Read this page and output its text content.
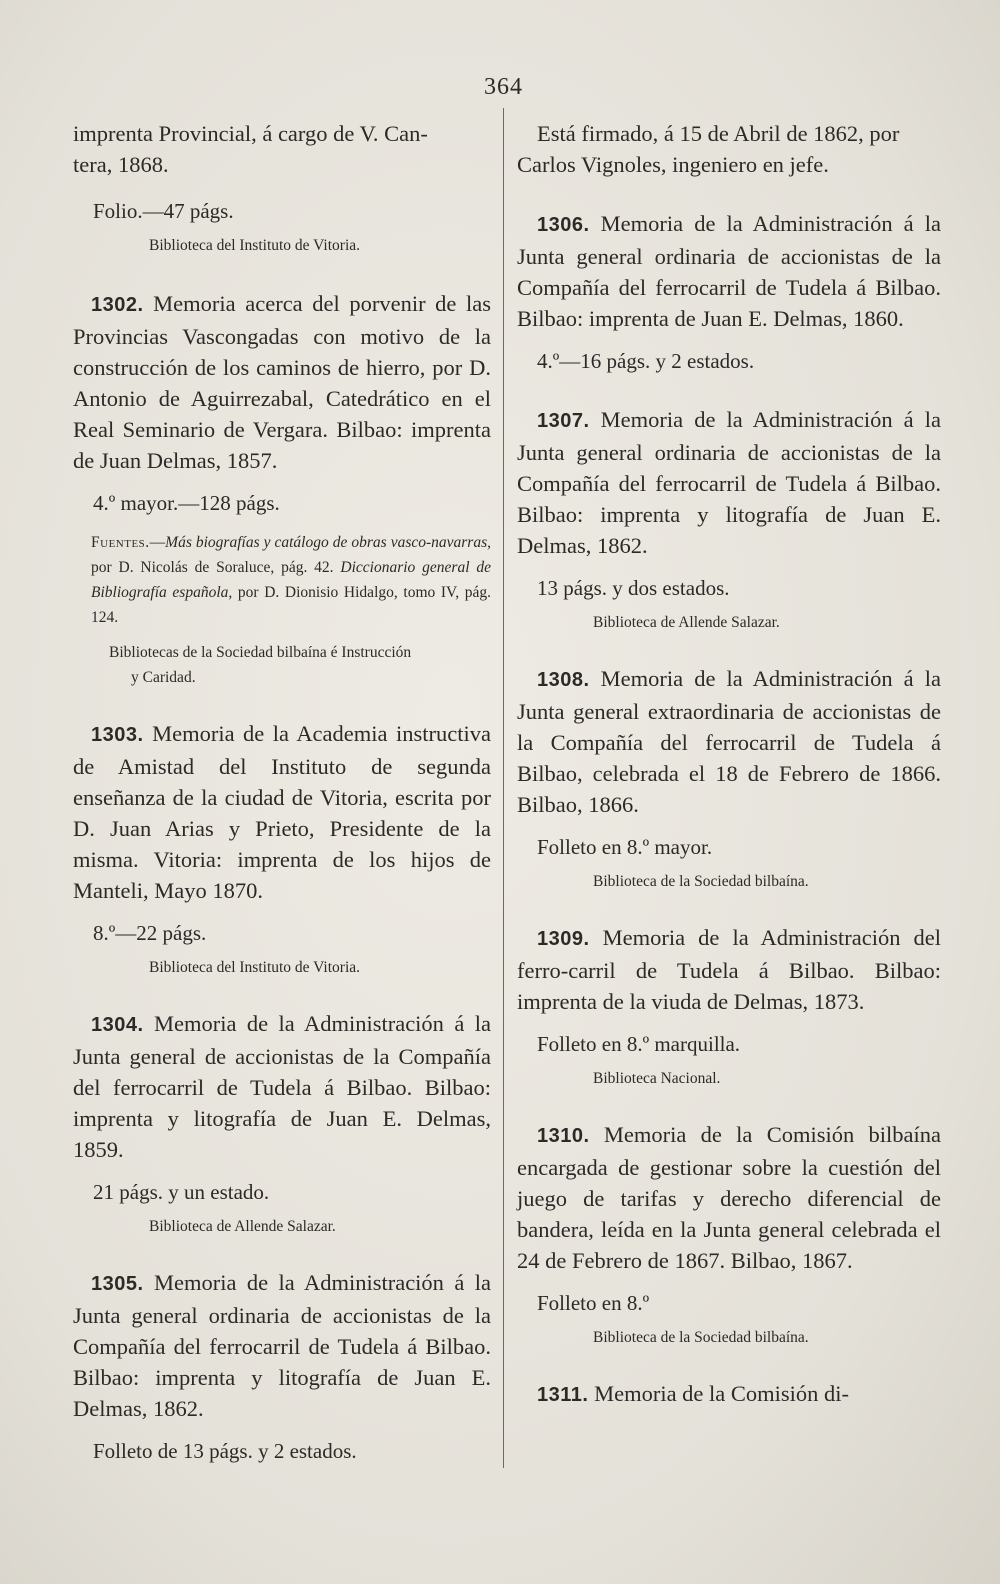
364

imprenta Provincial, á cargo de V. Can-
tera, 1868.

Folio.—47 págs.
Biblioteca del Instituto de Vitoria.

1302. Memoria acerca del porvenir de las Provincias Vascongadas con motivo de la construcción de los caminos de hierro, por D. Antonio de Aguirrezabal, Catedrático en el Real Seminario de Vergara. Bilbao: imprenta de Juan Delmas, 1857.

4.º mayor.—128 págs.
Fuentes.—Más biografías y catálogo de obras vasco-navarras, por D. Nicolás de Soraluce, pág. 42. Diccionario general de Bibliografía española, por D. Dionisio Hidalgo, tomo IV, pág. 124.
Bibliotecas de la Sociedad bilbaína é Instrucción
y Caridad.

1303. Memoria de la Academia instructiva de Amistad del Instituto de segunda enseñanza de la ciudad de Vitoria, escrita por D. Juan Arias y Prieto, Presidente de la misma. Vitoria: imprenta de los hijos de Manteli, Mayo 1870.

8.º—22 págs.
Biblioteca del Instituto de Vitoria.

1304. Memoria de la Administración á la Junta general de accionistas de la Compañía del ferrocarril de Tudela á Bilbao. Bilbao: imprenta y litografía de Juan E. Delmas, 1859.

21 págs. y un estado.
Biblioteca de Allende Salazar.

1305. Memoria de la Administración á la Junta general ordinaria de accionistas de la Compañía del ferrocarril de Tudela á Bilbao. Bilbao: imprenta y litografía de Juan E. Delmas, 1862.

Folleto de 13 págs. y 2 estados.

Está firmado, á 15 de Abril de 1862, por
Carlos Vignoles, ingeniero en jefe.

1306. Memoria de la Administración á la Junta general ordinaria de accionistas de la Compañía del ferrocarril de Tudela á Bilbao. Bilbao: imprenta de Juan E. Delmas, 1860.

4.º—16 págs. y 2 estados.

1307. Memoria de la Administración á la Junta general ordinaria de accionistas de la Compañía del ferrocarril de Tudela á Bilbao. Bilbao: imprenta y litografía de Juan E. Delmas, 1862.

13 págs. y dos estados.
Biblioteca de Allende Salazar.

1308. Memoria de la Administración á la Junta general extraordinaria de accionistas de la Compañía del ferrocarril de Tudela á Bilbao, celebrada el 18 de Febrero de 1866. Bilbao, 1866.

Folleto en 8.º mayor.
Biblioteca de la Sociedad bilbaína.

1309. Memoria de la Administración del ferro-carril de Tudela á Bilbao. Bilbao: imprenta de la viuda de Delmas, 1873.

Folleto en 8.º marquilla.
Biblioteca Nacional.

1310. Memoria de la Comisión bilbaína encargada de gestionar sobre la cuestión del juego de tarifas y derecho diferencial de bandera, leída en la Junta general celebrada el 24 de Febrero de 1867. Bilbao, 1867.

Folleto en 8.º
Biblioteca de la Sociedad bilbaína.

1311. Memoria de la Comisión di-
